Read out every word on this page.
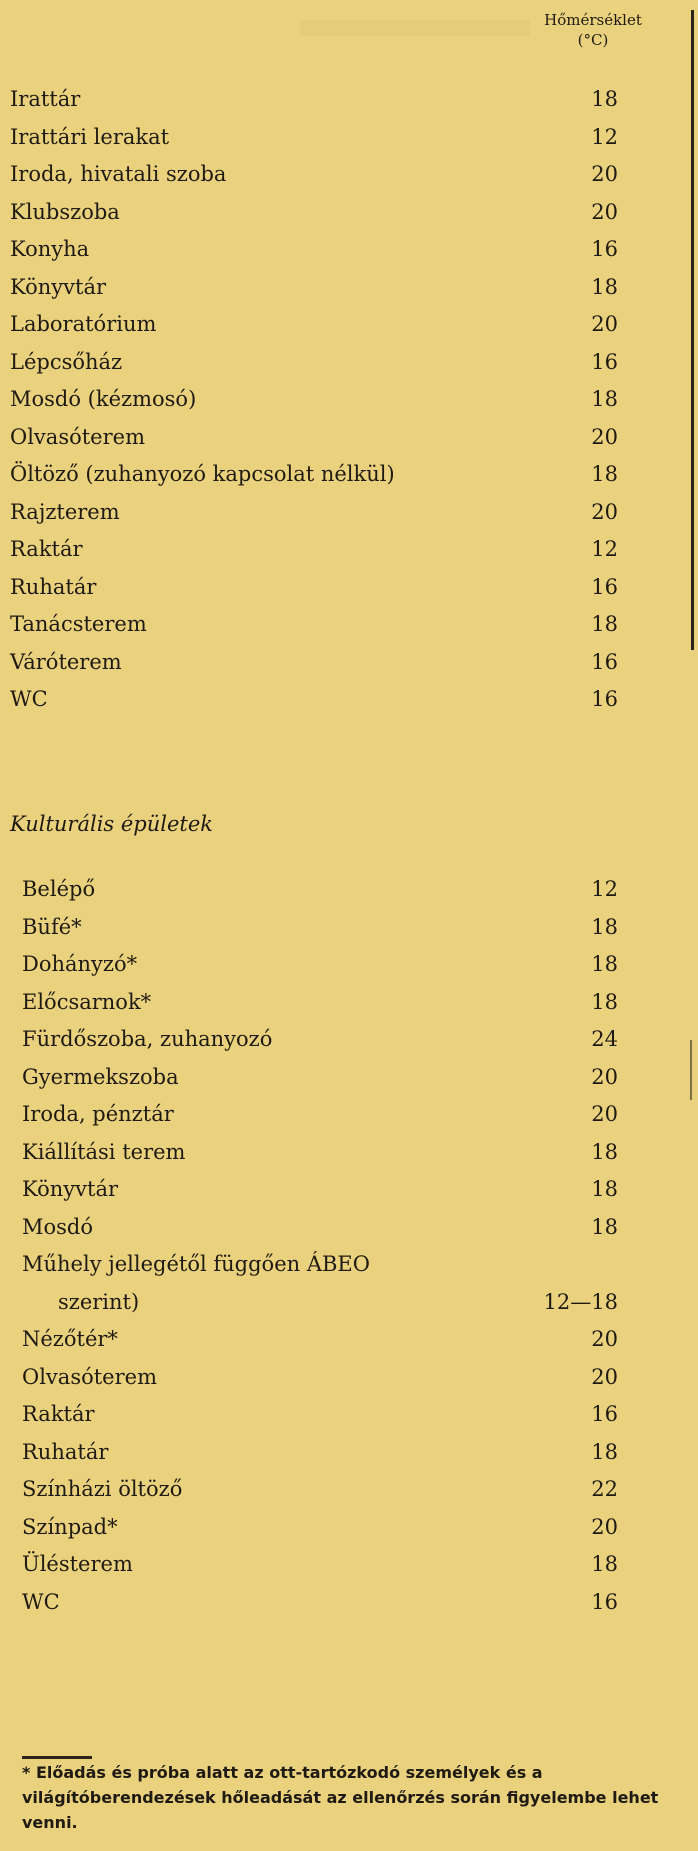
Hőmérséklet
(°C)
Irattár	18
Irattári lerakat	12
Iroda, hivatali szoba	20
Klubszoba	20
Konyha	16
Könyvtár	18
Laboratórium	20
Lépcsőház	16
Mosdó (kézmosó)	18
Olvasóterem	20
Öltöző (zuhanyozó kapcsolat nélkül)	18
Rajzterem	20
Raktár	12
Ruhatár	16
Tanácsterem	18
Váróterem	16
WC	16
Kulturális épületek
Belépő	12
Büfé*	18
Dohányzó*	18
Előcsarnok*	18
Fürdőszoba, zuhanyozó	24
Gyermekszoba	20
Iroda, pénztár	20
Kiállítási terem	18
Könyvtár	18
Mosdó	18
Műhely jellegétől függően ÁBEO
szerint)	12—18
Nézőtér*	20
Olvasóterem	20
Raktár	16
Ruhatár	18
Színházi öltöző	22
Színpad*	20
Ülésterem	18
WC	16
* Előadás és próba alatt az ott-tartózkodó személyek és a világítóberendezések hőleadását az ellenőrzés során figyelembe lehet venni.
